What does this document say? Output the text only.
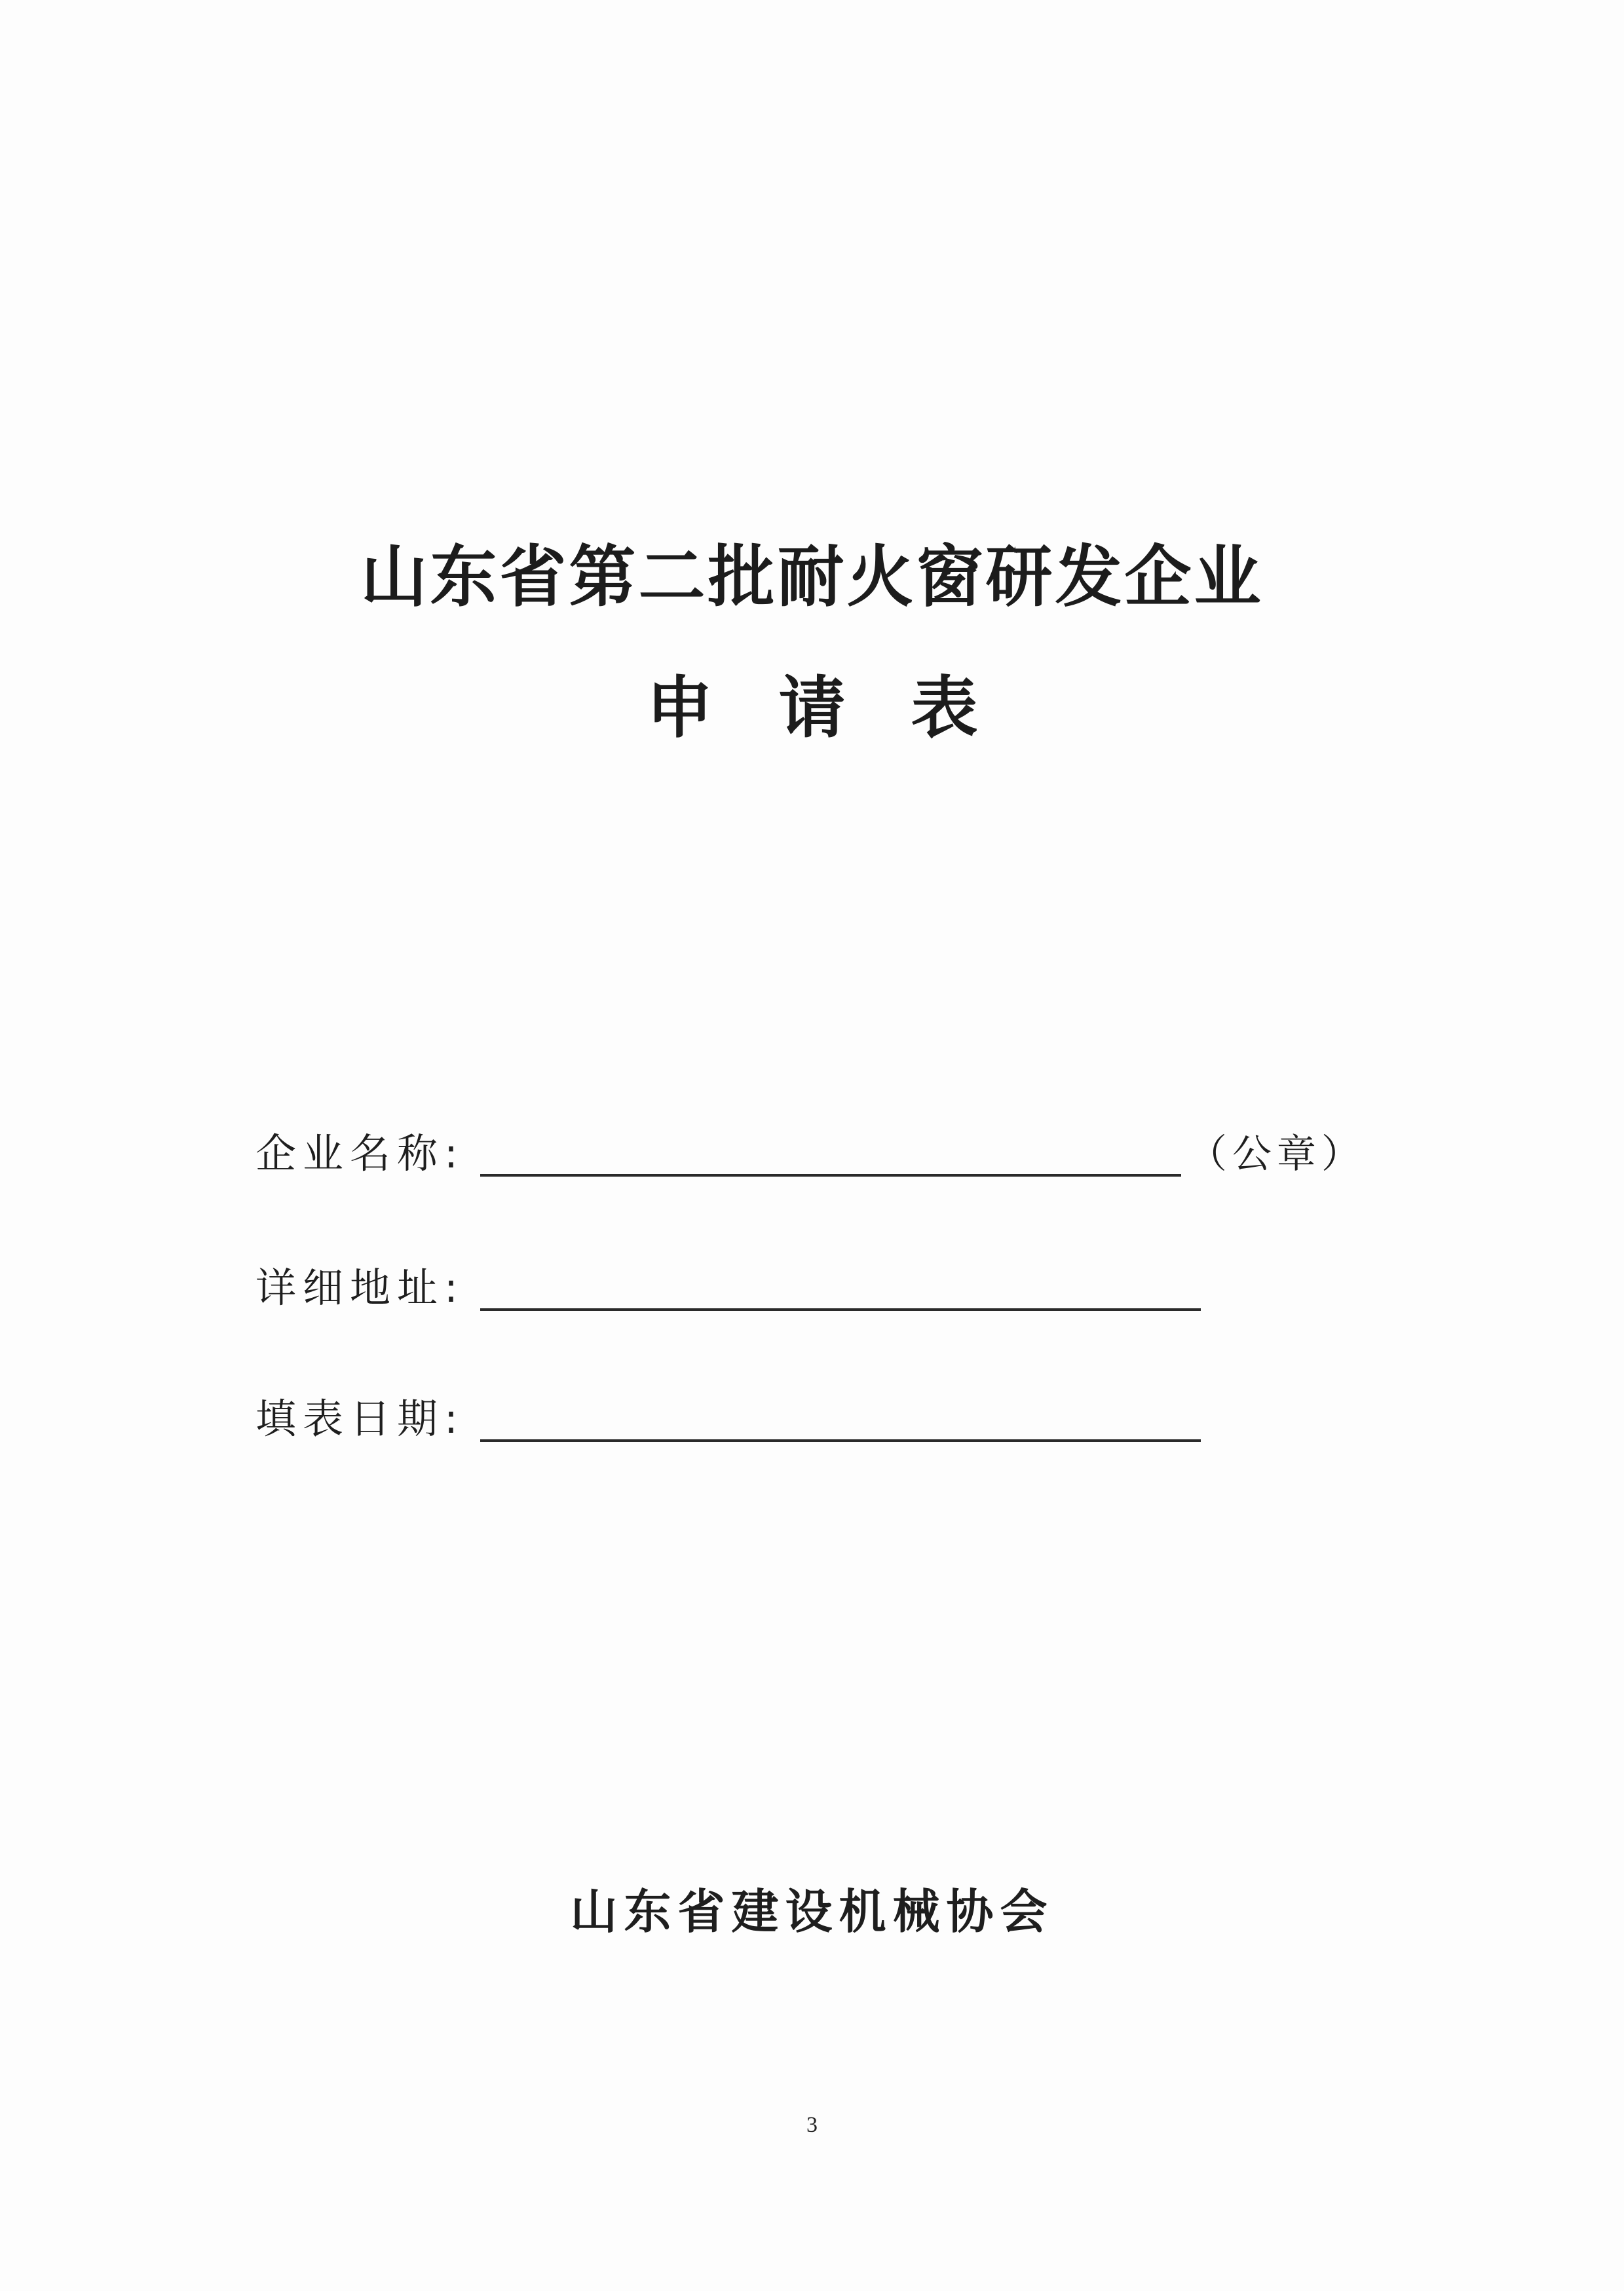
山东省第二批耐火窗研发企业
申请表
企业名称:	（公章）
详细地址:
填表日期:
山东省建设机械协会
3
